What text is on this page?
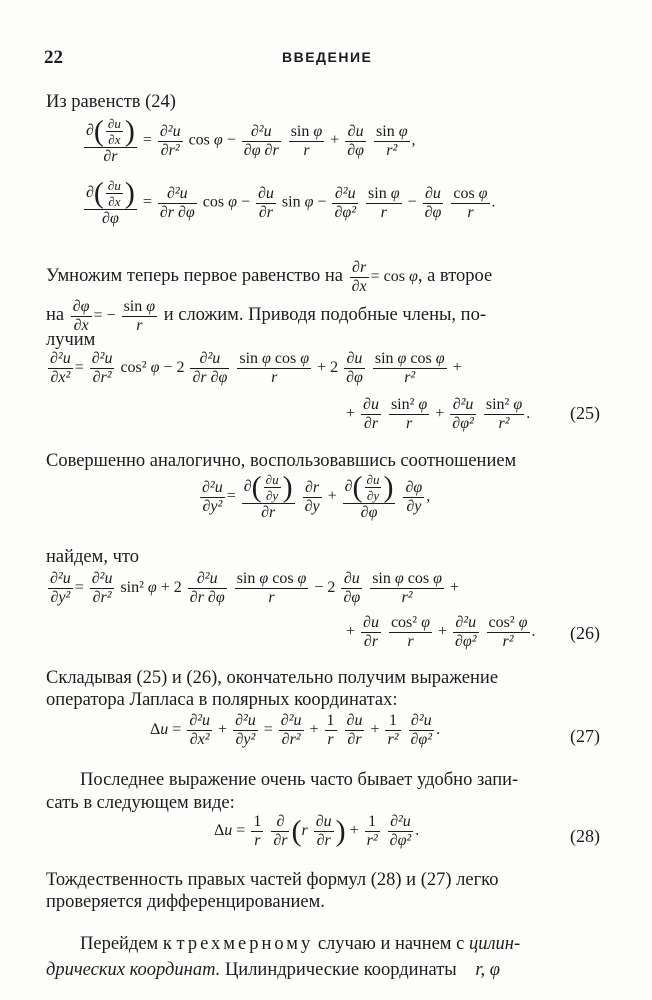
22	ВВЕДЕНИЕ
Из равенств (24)
$\frac{\partial( \frac{\partial u}{\partial x} )}{\partial r} = \frac{\text{∂²u}}{\text{∂r²}}$ $\cos \varphi - \frac{\text{∂²u}}{\partial\varphi \partial r}$
$\frac{\text{sin φ}}{r} + \frac{\partial u}{\partial\varphi}$
$\frac{\text{sin φ}}{\text{r²}}$ ,
$\frac{\partial( \frac{\partial u}{\partial x} )}{\partial\varphi} = \frac{\text{∂²u}}{\partial r \partial\varphi}$ $\cos \varphi - \frac{\partial u}{\partial r}$ $\sin \varphi - \frac{\text{∂²u}}{\text{∂φ²}}$
$\frac{\text{sin φ}}{r} - \frac{\partial u}{\partial\varphi}$
$\frac{\text{cos φ}}{r}$ .
Умножим теперь первое равенство на $\frac{\partial r}{\partial x} = \cos \varphi$, а второе
на $\frac{\partial\varphi}{\partial x}$ = − $\frac{\text{sin φ}}{r}$ и сложим. Приводя подобные члены, по-
лучим
$\frac{\text{∂²u}}{\text{∂x²}} = \frac{\text{∂²u}}{\text{∂r²}} \cos^2$ $\varphi - 2 \frac{\text{∂²u}}{\partial r \partial\varphi}$
$\frac{\text{sin φ cos φ}}{r} + 2 \frac{\partial u}{\partial\varphi}$
$\frac{\text{sin φ cos φ}}{\text{r²}}$ +
+ $\frac{\partial u}{\partial r}$
$\frac{\text{sin² φ}}{r} + \frac{\text{∂²u}}{\text{∂φ²}}$
$\frac{\text{sin² φ}}{\text{r²}}$ . (25)
Совершенно аналогично, воспользовавшись соотношением
$\frac{\text{∂²u}}{\text{∂y²}} = \frac{\partial( \frac{\partial u}{\partial y} )}{\partial r}$
$\frac{\partial r}{\partial y} + \frac{\partial( \frac{\partial u}{\partial y} )}{\partial\varphi}$
$\frac{\partial\varphi}{\partial y}$ ,
найдем, что
$\frac{\text{∂²u}}{\text{∂y²}} = \frac{\text{∂²u}}{\text{∂r²}} \sin^2$ $\varphi + 2 \frac{\text{∂²u}}{\partial r \partial\varphi}$
$\frac{\text{sin φ cos φ}}{r} - 2 \frac{\partial u}{\partial\varphi}$
$\frac{\text{sin φ cos φ}}{\text{r²}}$ +
+ $\frac{\partial u}{\partial r}$
$\frac{\text{cos² φ}}{r} + \frac{\text{∂²u}}{\text{∂φ²}}$
$\frac{\text{cos² φ}}{\text{r²}}$ . (26)
Складывая (25) и (26), окончательно получим выражение
оператора Лапласа в полярных координатах:
$\Delta u = \frac{\text{∂²u}}{\text{∂x²}} + \frac{\text{∂²u}}{\text{∂y²}} = \frac{\text{∂²u}}{\text{∂r²}} + \frac{1}{r}$
$\frac{\partial u}{\partial r} + \frac{1}{\text{r²}}$
$\frac{\text{∂²u}}{\text{∂φ²}}$ .	(27)
Последнее выражение очень часто бывает удобно запи-
сать в следующем виде:
$\Delta u = \frac{1}{r}$
∂
∂r ($r \frac{\partial u}{\partial r}$ ) + $\frac{1}{\text{r²}}$
$\frac{\text{∂²u}}{\text{∂φ²}}$ .	(28)
Тождественность правых частей формул (28) и (27) легко
проверяется дифференцированием.
Перейдем к трехмерному случаю и начнем с цилин-
дрических координат. Цилиндрические координаты r, φ
